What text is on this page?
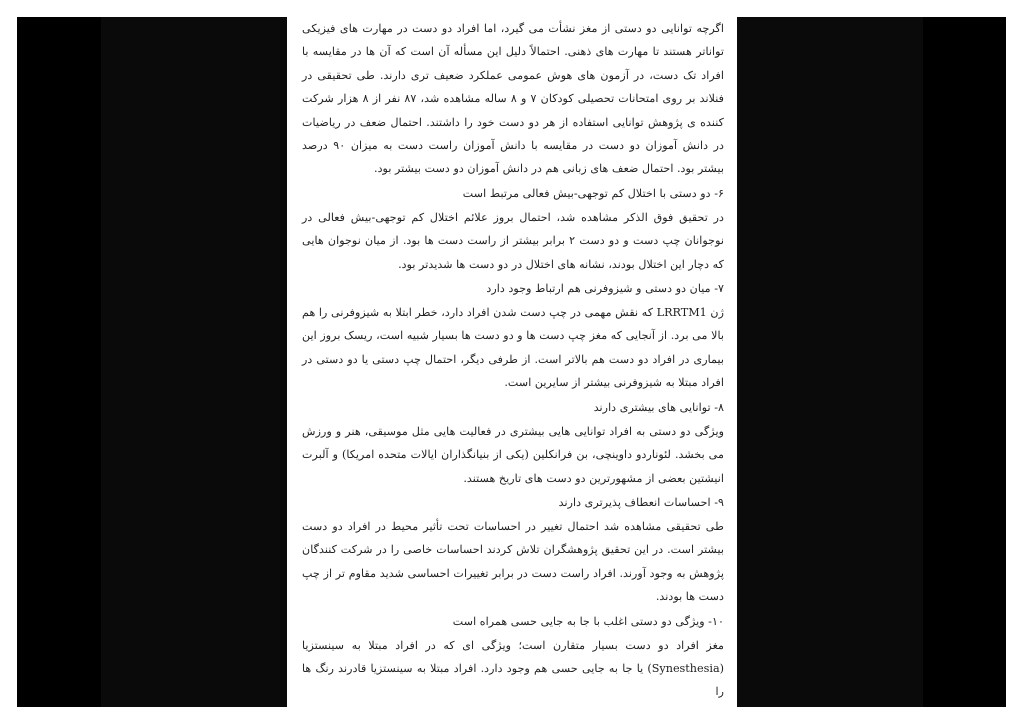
اگرچه توانایی دو دستی از مغز نشأت می گیرد، اما افراد دو دست در مهارت های فیزیکی تواناتر هستند تا مهارت های ذهنی. احتمالاً دلیل این مسأله آن است که آن ها در مقایسه با افراد تک دست، در آزمون های هوش عمومی عملکرد ضعیف تری دارند. طی تحقیقی در فنلاند بر روی امتحانات تحصیلی کودکان ۷ و ۸ ساله مشاهده شد، ۸۷ نفر از ۸ هزار شرکت کننده ی پژوهش توانایی استفاده از هر دو دست خود را داشتند. احتمال ضعف در ریاضیات در دانش آموزان دو دست در مقایسه با دانش آموزان راست دست به میزان ۹۰ درصد بیشتر بود. احتمال ضعف های زبانی هم در دانش آموزان دو دست بیشتر بود.

۶- دو دستی با اختلال کم توجهی-بیش فعالی مرتبط است

در تحقیق فوق الذکر مشاهده شد، احتمال بروز علائم اختلال کم توجهی-بیش فعالی در نوجوانان چپ دست و دو دست ۲ برابر بیشتر از راست دست ها بود. از میان نوجوان هایی که دچار این اختلال بودند، نشانه های اختلال در دو دست ها شدیدتر بود.

۷- میان دو دستی و شیزوفرنی هم ارتباط وجود دارد

ژن LRRTM1 که نقش مهمی در چپ دست شدن افراد دارد، خطر ابتلا به شیزوفرنی را هم بالا می برد. از آنجایی که مغز چپ دست ها و دو دست ها بسیار شبیه است، ریسک بروز این بیماری در افراد دو دست هم بالاتر است. از طرفی دیگر، احتمال چپ دستی یا دو دستی در افراد مبتلا به شیزوفرنی بیشتر از سایرین است.

۸- توانایی های بیشتری دارند

ویژگی دو دستی به افراد توانایی هایی بیشتری در فعالیت هایی مثل موسیقی، هنر و ورزش می بخشد. لئوناردو داوینچی، بن فرانکلین (یکی از بنیانگذاران ایالات متحده امریکا) و آلبرت انیشتین بعضی از مشهورترین دو دست های تاریخ هستند.

۹- احساسات انعطاف پذیرتری دارند

طی تحقیقی مشاهده شد احتمال تغییر در احساسات تحت تأثیر محیط در افراد دو دست بیشتر است. در این تحقیق پژوهشگران تلاش کردند احساسات خاصی را در شرکت کنندگان پژوهش به وجود آورند. افراد راست دست در برابر تغییرات احساسی شدید مقاوم تر از چپ دست ها بودند.

۱۰- ویژگی دو دستی اغلب با جا به جایی حسی همراه است

مغز افراد دو دست بسیار متقارن است؛ ویژگی ای که در افراد مبتلا به سینستزیا (Synesthesia) یا جا به جایی حسی هم وجود دارد. افراد مبتلا به سینستزیا قادرند رنگ ها را
